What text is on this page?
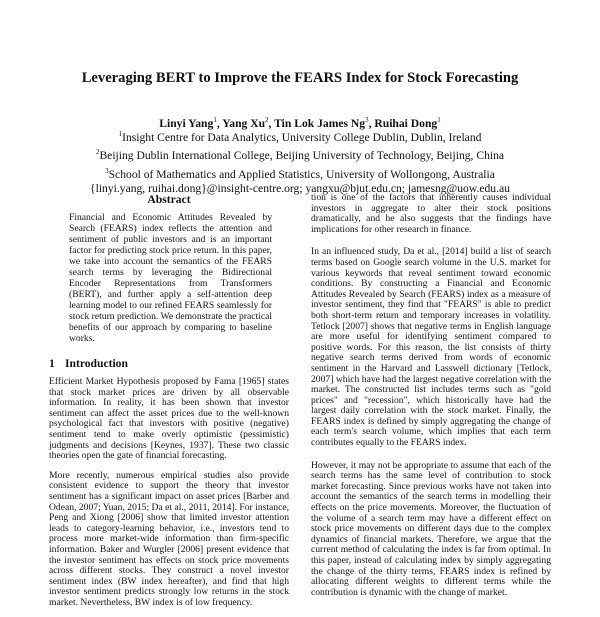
Leveraging BERT to Improve the FEARS Index for Stock Forecasting
Linyi Yang$^1$, Yang Xu$^2$, Tin Lok James Ng$^3$, Ruihai Dong$^1$
$^1$Insight Centre for Data Analytics, University College Dublin, Dublin, Ireland
$^2$Beijing Dublin International College, Beijing University of Technology, Beijing, China
$^3$School of Mathematics and Applied Statistics, University of Wollongong, Australia
{linyi.yang, ruihai.dong}@insight-centre.org; yangxu@bjut.edu.cn; jamesng@uow.edu.au
Abstract

Financial and Economic Attitudes Revealed by Search (FEARS) index reflects the attention and sentiment of public investors and is an important factor for predicting stock price return. In this paper, we take into account the semantics of the FEARS search terms by leveraging the Bidirectional Encoder Representations from Transformers (BERT), and further apply a self-attention deep learning model to our refined FEARS seamlessly for stock return prediction. We demonstrate the practical benefits of our approach by comparing to baseline works.

1 Introduction

Efficient Market Hypothesis proposed by Fama [1965] states that stock market prices are driven by all observable information. In reality, it has been shown that investor sentiment can affect the asset prices due to the well-known psychological fact that investors with positive (negative) sentiment tend to make overly optimistic (pessimistic) judgments and decisions [Keynes, 1937]. These two classic theories open the gate of financial forecasting.

More recently, numerous empirical studies also provide consistent evidence to support the theory that investor sentiment has a significant impact on asset prices [Barber and Odean, 2007; Yuan, 2015; Da et al., 2011, 2014]. For instance, Peng and Xiong [2006] show that limited investor attention leads to category-learning behavior, i.e., investors tend to process more market-wide information than firm-specific information. Baker and Wurgler [2006] present evidence that the investor sentiment has effects on stock price movements across different stocks. They construct a novel investor sentiment index (BW index hereafter), and find that high investor sentiment predicts strongly low returns in the stock market. Nevertheless, BW index is of low frequency.

tion is one of the factors that inherently causes individual investors in aggregate to alter their stock positions dramatically, and he also suggests that the findings have implications for other research in finance.

In an influenced study, Da et al., [2014] build a list of search terms based on Google search volume in the U.S. market for various keywords that reveal sentiment toward economic conditions. By constructing a Financial and Economic Attitudes Revealed by Search (FEARS) index as a measure of investor sentiment, they find that "FEARS" is able to predict both short-term return and temporary increases in volatility. Tetlock [2007] shows that negative terms in English language are more useful for identifying sentiment compared to positive words. For this reason, the list consists of thirty negative search terms derived from words of economic sentiment in the Harvard and Lasswell dictionary [Tetlock, 2007] which have had the largest negative correlation with the market. The constructed list includes terms such as "gold prices" and "recession", which historically have had the largest daily correlation with the stock market. Finally, the FEARS index is defined by simply aggregating the change of each term's search volume, which implies that each term contributes equally to the FEARS index.

However, it may not be appropriate to assume that each of the search terms has the same level of contribution to stock market forecasting. Since previous works have not taken into account the semantics of the search terms in modelling their effects on the price movements. Moreover, the fluctuation of the volume of a search term may have a different effect on stock price movements on different days due to the complex dynamics of financial markets. Therefore, we argue that the current method of calculating the index is far from optimal. In this paper, instead of calculating index by simply aggregating the change of the thirty terms, FEARS index is refined by allocating different weights to different terms while the contribution is dynamic with the change of market.
